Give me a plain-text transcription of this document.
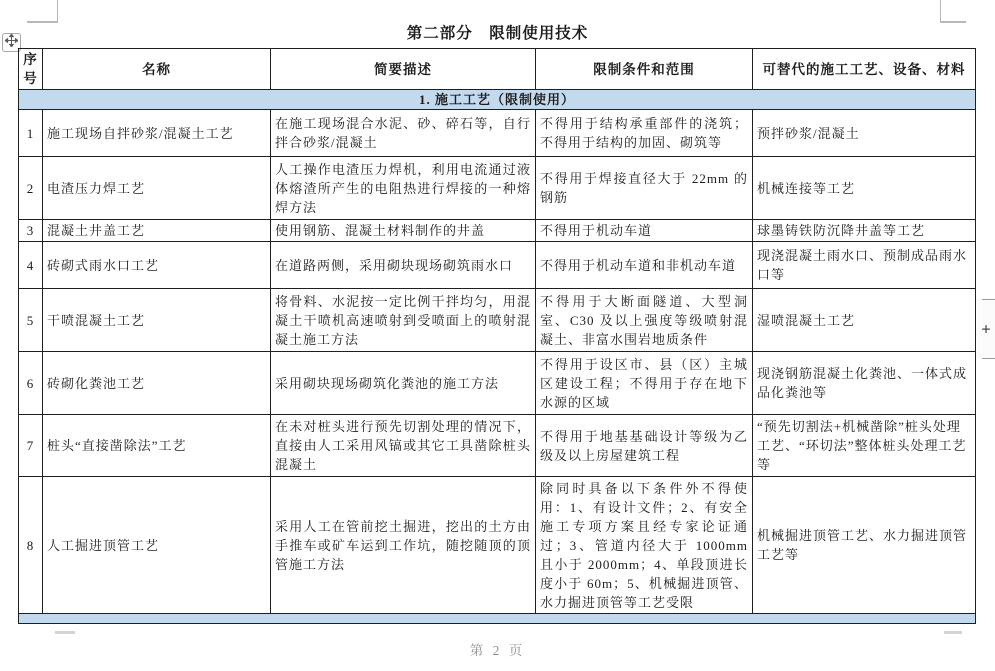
第二部分　限制使用技术
序号	名称	简要描述	限制条件和范围	可替代的施工工艺、设备、材料
1. 施工工艺（限制使用）				
1	施工现场自拌砂浆/混凝土工艺	在施工现场混合水泥、砂、碎石等，自行拌合砂浆/混凝土	不得用于结构承重部件的浇筑；不得用于结构的加固、砌筑等	预拌砂浆/混凝土
2	电渣压力焊工艺	人工操作电渣压力焊机，利用电流通过液体熔渣所产生的电阻热进行焊接的一种熔焊方法	不得用于焊接直径大于 22mm 的钢筋	机械连接等工艺
3	混凝土井盖工艺	使用钢筋、混凝土材料制作的井盖	不得用于机动车道	球墨铸铁防沉降井盖等工艺
4	砖砌式雨水口工艺	在道路两侧，采用砌块现场砌筑雨水口	不得用于机动车道和非机动车道	现浇混凝土雨水口、预制成品雨水口等
5	干喷混凝土工艺	将骨料、水泥按一定比例干拌均匀，用混凝土干喷机高速喷射到受喷面上的喷射混凝土施工方法	不得用于大断面隧道、大型洞室、C30 及以上强度等级喷射混凝土、非富水围岩地质条件	湿喷混凝土工艺
6	砖砌化粪池工艺	采用砌块现场砌筑化粪池的施工方法	不得用于设区市、县（区）主城区建设工程；不得用于存在地下水源的区域	现浇钢筋混凝土化粪池、一体式成品化粪池等
7	桩头“直接凿除法”工艺	在未对桩头进行预先切割处理的情况下，直接由人工采用风镐或其它工具凿除桩头混凝土	不得用于地基基础设计等级为乙级及以上房屋建筑工程	“预先切割法+机械凿除”桩头处理工艺、“环切法”整体桩头处理工艺等
8	人工掘进顶管工艺	采用人工在管前挖土掘进，挖出的土方由手推车或矿车运到工作坑，随挖随顶的顶管施工方法	除同时具备以下条件外不得使用：1、有设计文件；2、有安全施工专项方案且经专家论证通过；3、管道内径大于 1000mm 且小于 2000mm；4、单段顶进长度小于 60m；5、机械掘进顶管、水力掘进顶管等工艺受限	机械掘进顶管工艺、水力掘进顶管工艺等

+
第 2 页
